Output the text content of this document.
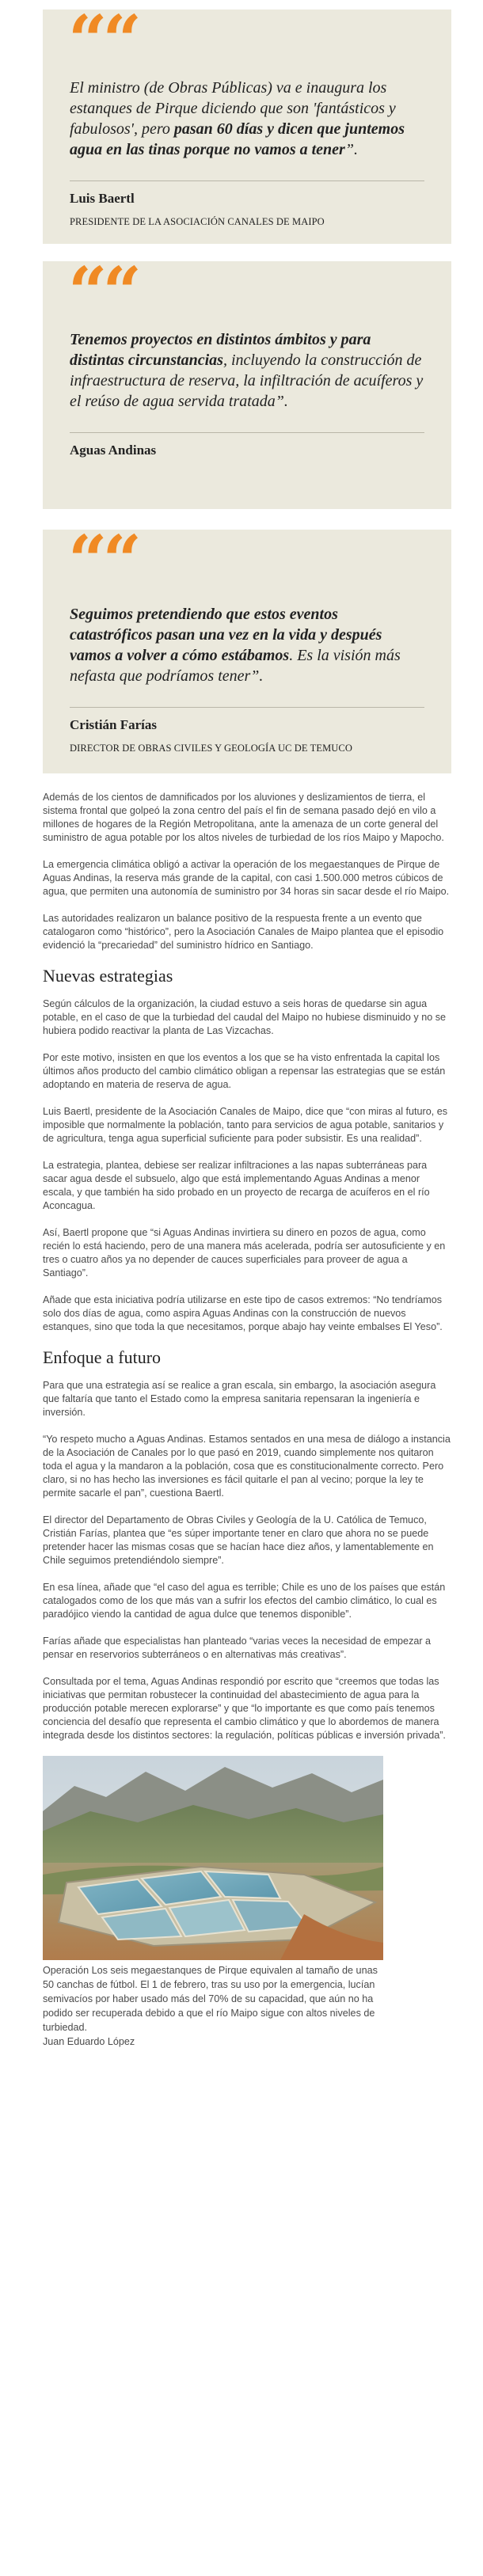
““

El ministro (de Obras Públicas) va e inaugura los estanques de Pirque diciendo que son 'fantásticos y fabulosos', pero pasan 60 días y dicen que juntemos agua en las tinas porque no vamos a tener”.

Luis Baertl
PRESIDENTE DE LA ASOCIACIÓN CANALES DE MAIPO
““

Tenemos proyectos en distintos ámbitos y para distintas circunstancias, incluyendo la construcción de infraestructura de reserva, la infiltración de acuíferos y el reúso de agua servida tratada”.

Aguas Andinas
““

Seguimos pretendiendo que estos eventos catastróficos pasan una vez en la vida y después vamos a volver a cómo estábamos. Es la visión más nefasta que podríamos tener”.

Cristián Farías
DIRECTOR DE OBRAS CIVILES Y GEOLOGÍA UC DE TEMUCO

Además de los cientos de damnificados por los aluviones y deslizamientos de tierra, el sistema frontal que golpeó la zona centro del país el fin de semana pasado dejó en vilo a millones de hogares de la Región Metropolitana, ante la amenaza de un corte general del suministro de agua potable por los altos niveles de turbiedad de los ríos Maipo y Mapocho.

La emergencia climática obligó a activar la operación de los megaestanques de Pirque de Aguas Andinas, la reserva más grande de la capital, con casi 1.500.000 metros cúbicos de agua, que permiten una autonomía de suministro por 34 horas sin sacar desde el río Maipo.

Las autoridades realizaron un balance positivo de la respuesta frente a un evento que catalogaron como “histórico”, pero la Asociación Canales de Maipo plantea que el episodio evidenció la “precariedad” del suministro hídrico en Santiago.

Nuevas estrategias

Según cálculos de la organización, la ciudad estuvo a seis horas de quedarse sin agua potable, en el caso de que la turbiedad del caudal del Maipo no hubiese disminuido y no se hubiera podido reactivar la planta de Las Vizcachas.

Por este motivo, insisten en que los eventos a los que se ha visto enfrentada la capital los últimos años producto del cambio climático obligan a repensar las estrategias que se están adoptando en materia de reserva de agua.

Luis Baertl, presidente de la Asociación Canales de Maipo, dice que “con miras al futuro, es imposible que normalmente la población, tanto para servicios de agua potable, sanitarios y de agricultura, tenga agua superficial suficiente para poder subsistir. Es una realidad”.

La estrategia, plantea, debiese ser realizar infiltraciones a las napas subterráneas para sacar agua desde el subsuelo, algo que está implementando Aguas Andinas a menor escala, y que también ha sido probado en un proyecto de recarga de acuíferos en el río Aconcagua.

Así, Baertl propone que “si Aguas Andinas invirtiera su dinero en pozos de agua, como recién lo está haciendo, pero de una manera más acelerada, podría ser autosuficiente y en tres o cuatro años ya no depender de cauces superficiales para proveer de agua a Santiago”.

Añade que esta iniciativa podría utilizarse en este tipo de casos extremos: “No tendríamos solo dos días de agua, como aspira Aguas Andinas con la construcción de nuevos estanques, sino que toda la que necesitamos, porque abajo hay veinte embalses El Yeso”.

Enfoque a futuro

Para que una estrategia así se realice a gran escala, sin embargo, la asociación asegura que faltaría que tanto el Estado como la empresa sanitaria repensaran la ingeniería e inversión.

“Yo respeto mucho a Aguas Andinas. Estamos sentados en una mesa de diálogo a instancia de la Asociación de Canales por lo que pasó en 2019, cuando simplemente nos quitaron toda el agua y la mandaron a la población, cosa que es constitucionalmente correcto. Pero claro, si no has hecho las inversiones es fácil quitarle el pan al vecino; porque la ley te permite sacarle el pan”, cuestiona Baertl.

El director del Departamento de Obras Civiles y Geología de la U. Católica de Temuco, Cristián Farías, plantea que “es súper importante tener en claro que ahora no se puede pretender hacer las mismas cosas que se hacían hace diez años, y lamentablemente en Chile seguimos pretendiéndolo siempre”.

En esa línea, añade que “el caso del agua es terrible; Chile es uno de los países que están catalogados como de los que más van a sufrir los efectos del cambio climático, lo cual es paradójico viendo la cantidad de agua dulce que tenemos disponible”.

Farías añade que especialistas han planteado “varias veces la necesidad de empezar a pensar en reservorios subterráneos o en alternativas más creativas”.

Consultada por el tema, Aguas Andinas respondió por escrito que “creemos que todas las iniciativas que permitan robustecer la continuidad del abastecimiento de agua para la producción potable merecen explorarse” y que “lo importante es que como país tenemos conciencia del desafío que representa el cambio climático y que lo abordemos de manera integrada desde los distintos sectores: la regulación, políticas públicas e inversión privada”.

Operación Los seis megaestanques de Pirque equivalen al tamaño de unas 50 canchas de fútbol. El 1 de febrero, tras su uso por la emergencia, lucían semivacíos por haber usado más del 70% de su capacidad, que aún no ha podido ser recuperada debido a que el río Maipo sigue con altos niveles de turbiedad.
Juan Eduardo López
